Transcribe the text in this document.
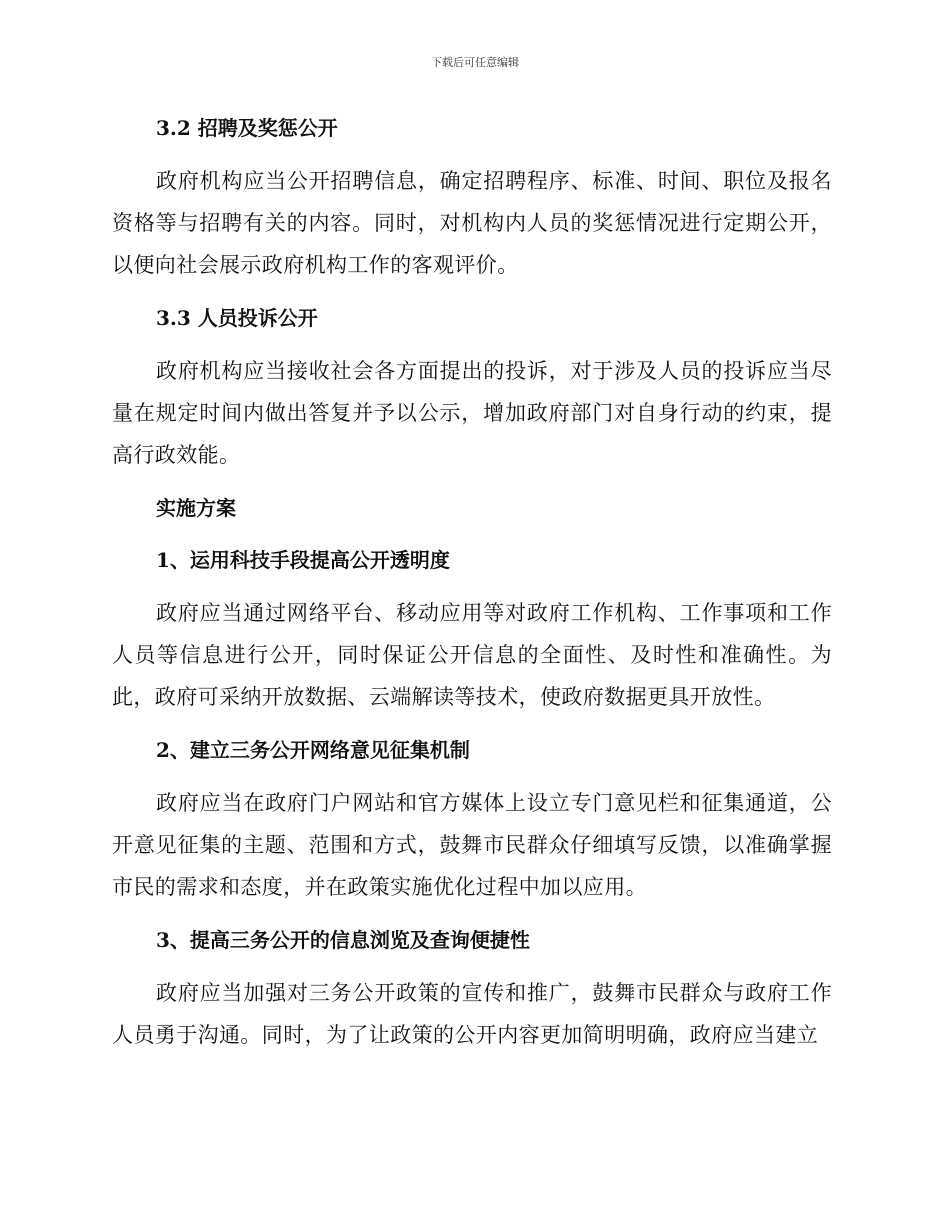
下载后可任意编辑
3.2 招聘及奖惩公开

政府机构应当公开招聘信息，确定招聘程序、标准、时间、职位及报名资格等与招聘有关的内容。同时，对机构内人员的奖惩情况进行定期公开，以便向社会展示政府机构工作的客观评价。

3.3 人员投诉公开

政府机构应当接收社会各方面提出的投诉，对于涉及人员的投诉应当尽量在规定时间内做出答复并予以公示，增加政府部门对自身行动的约束，提高行政效能。

实施方案
1、运用科技手段提高公开透明度

政府应当通过网络平台、移动应用等对政府工作机构、工作事项和工作人员等信息进行公开，同时保证公开信息的全面性、及时性和准确性。为此，政府可采纳开放数据、云端解读等技术，使政府数据更具开放性。

2、建立三务公开网络意见征集机制

政府应当在政府门户网站和官方媒体上设立专门意见栏和征集通道，公开意见征集的主题、范围和方式，鼓舞市民群众仔细填写反馈，以准确掌握市民的需求和态度，并在政策实施优化过程中加以应用。

3、提高三务公开的信息浏览及查询便捷性

政府应当加强对三务公开政策的宣传和推广，鼓舞市民群众与政府工作人员勇于沟通。同时，为了让政策的公开内容更加简明明确，政府应当建立
